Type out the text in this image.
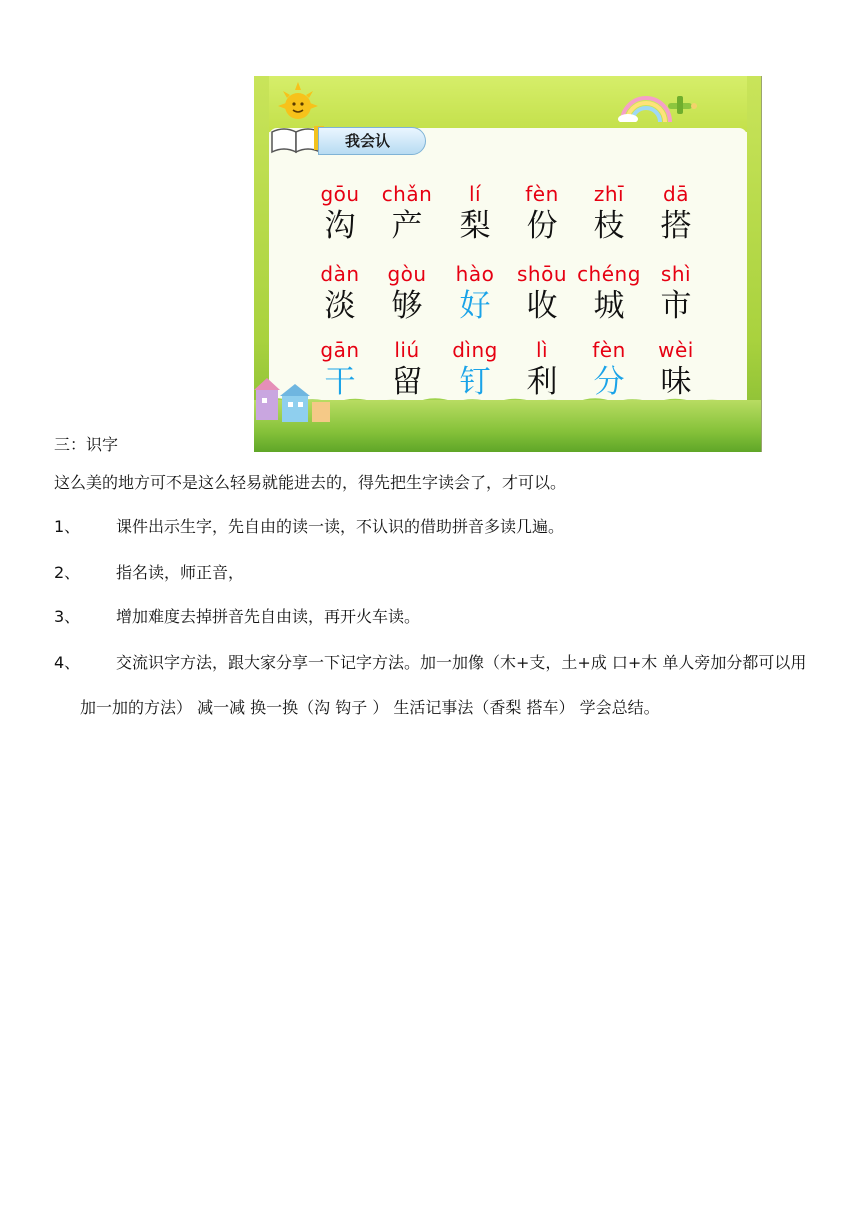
我会认
gōu
沟
chǎn
产
lí
梨
fèn
份
zhī
枝
dā
搭
dàn
淡
gòu
够
hào
好
shōu
收
chéng
城
shì
市
gān
干
liú
留
dìng
钉
lì
利
fèn
分
wèi
味
三：识字
这么美的地方可不是这么轻易就能进去的，得先把生字读会了，才可以。
1、 课件出示生字，先自由的读一读，不认识的借助拼音多读几遍。
2、 指名读，师正音，
3、 增加难度去掉拼音先自由读，再开火车读。
4、	交流识字方法，跟大家分享一下记字方法。加一加像（木+支，土+成 口+木 单人旁加分都可以用加一加的方法） 减一减 换一换（沟 钩子 ） 生活记事法（香梨 搭车） 学会总结。
